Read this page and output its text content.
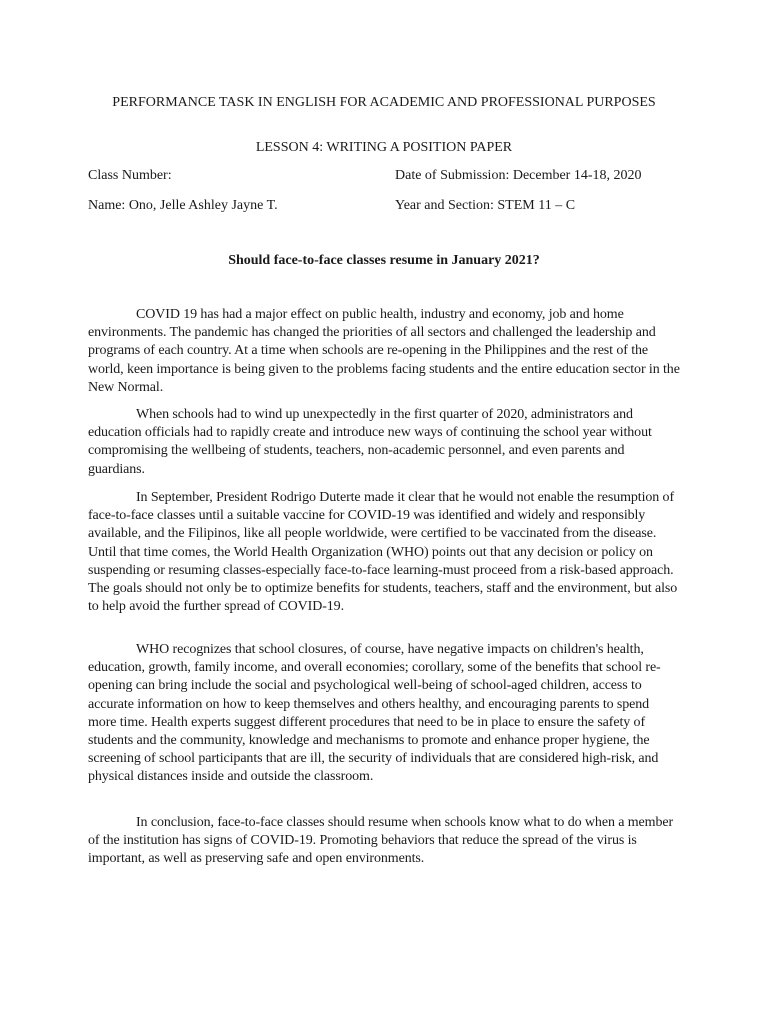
PERFORMANCE TASK IN ENGLISH FOR ACADEMIC AND PROFESSIONAL PURPOSES
LESSON 4: WRITING A POSITION PAPER
Class Number:	Date of Submission: December 14-18, 2020
Name: Ono, Jelle Ashley Jayne T.	Year and Section: STEM 11 – C
Should face-to-face classes resume in January 2021?

COVID 19 has had a major effect on public health, industry and economy, job and home environments. The pandemic has changed the priorities of all sectors and challenged the leadership and programs of each country. At a time when schools are re-opening in the Philippines and the rest of the world, keen importance is being given to the problems facing students and the entire education sector in the New Normal.

When schools had to wind up unexpectedly in the first quarter of 2020, administrators and education officials had to rapidly create and introduce new ways of continuing the school year without compromising the wellbeing of students, teachers, non-academic personnel, and even parents and guardians.

In September, President Rodrigo Duterte made it clear that he would not enable the resumption of face-to-face classes until a suitable vaccine for COVID-19 was identified and widely and responsibly available, and the Filipinos, like all people worldwide, were certified to be vaccinated from the disease. Until that time comes, the World Health Organization (WHO) points out that any decision or policy on suspending or resuming classes-especially face-to-face learning-must proceed from a risk-based approach. The goals should not only be to optimize benefits for students, teachers, staff and the environment, but also to help avoid the further spread of COVID-19.

WHO recognizes that school closures, of course, have negative impacts on children's health, education, growth, family income, and overall economies; corollary, some of the benefits that school re-opening can bring include the social and psychological well-being of school-aged children, access to accurate information on how to keep themselves and others healthy, and encouraging parents to spend more time. Health experts suggest different procedures that need to be in place to ensure the safety of students and the community, knowledge and mechanisms to promote and enhance proper hygiene, the screening of school participants that are ill, the security of individuals that are considered high-risk, and physical distances inside and outside the classroom.

In conclusion, face-to-face classes should resume when schools know what to do when a member of the institution has signs of COVID-19. Promoting behaviors that reduce the spread of the virus is important, as well as preserving safe and open environments.
